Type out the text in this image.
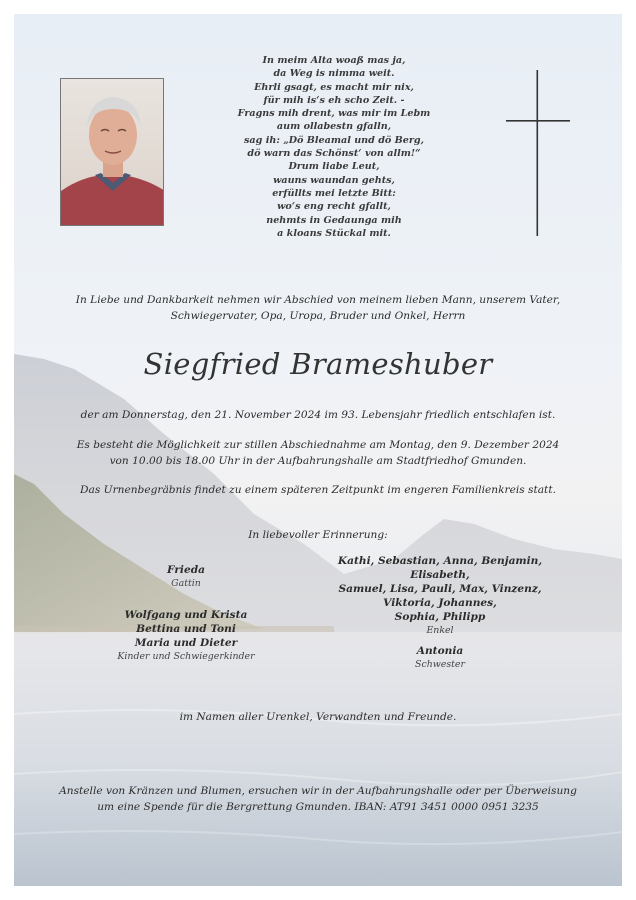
In meim Alta woaß mas ja,
da Weg is nimma weit.
Ehrli gsagt, es macht mir nix,
für mih is‘s eh scho Zeit. -
Fragns mih drent, was mir im Lebm
aum ollabestn gfalln,
sag ih: „Dö Bleamal und dö Berg,
dö warn das Schönst‘ von allm!“
Drum liabe Leut,
wauns waundan gehts,
erfüllts mei letzte Bitt:
wo‘s eng recht gfallt,
nehmts in Gedaunga mih
a kloans Stückal mit.
In Liebe und Dankbarkeit nehmen wir Abschied von meinem lieben Mann, unserem Vater,
Schwiegervater, Opa, Uropa, Bruder und Onkel, Herrn
Siegfried Brameshuber
der am Donnerstag, den 21. November 2024 im 93. Lebensjahr friedlich entschlafen ist.
Es besteht die Möglichkeit zur stillen Abschiednahme am Montag, den 9. Dezember 2024
von 10.00 bis 18.00 Uhr in der Aufbahrungshalle am Stadtfriedhof Gmunden.
Das Urnenbegräbnis findet zu einem späteren Zeitpunkt im engeren Familienkreis statt.
In liebevoller Erinnerung:
Frieda
Gattin
Wolfgang und Krista
Bettina und Toni
Maria und Dieter
Kinder und Schwiegerkinder
Kathi, Sebastian, Anna, Benjamin, Elisabeth,
Samuel, Lisa, Pauli, Max, Vinzenz,
Viktoria, Johannes,
Sophia, Philipp
Enkel
Antonia
Schwester
im Namen aller Urenkel, Verwandten und Freunde.
Anstelle von Kränzen und Blumen, ersuchen wir in der Aufbahrungshalle oder per Überweisung
um eine Spende für die Bergrettung Gmunden. IBAN: AT91 3451 0000 0951 3235
